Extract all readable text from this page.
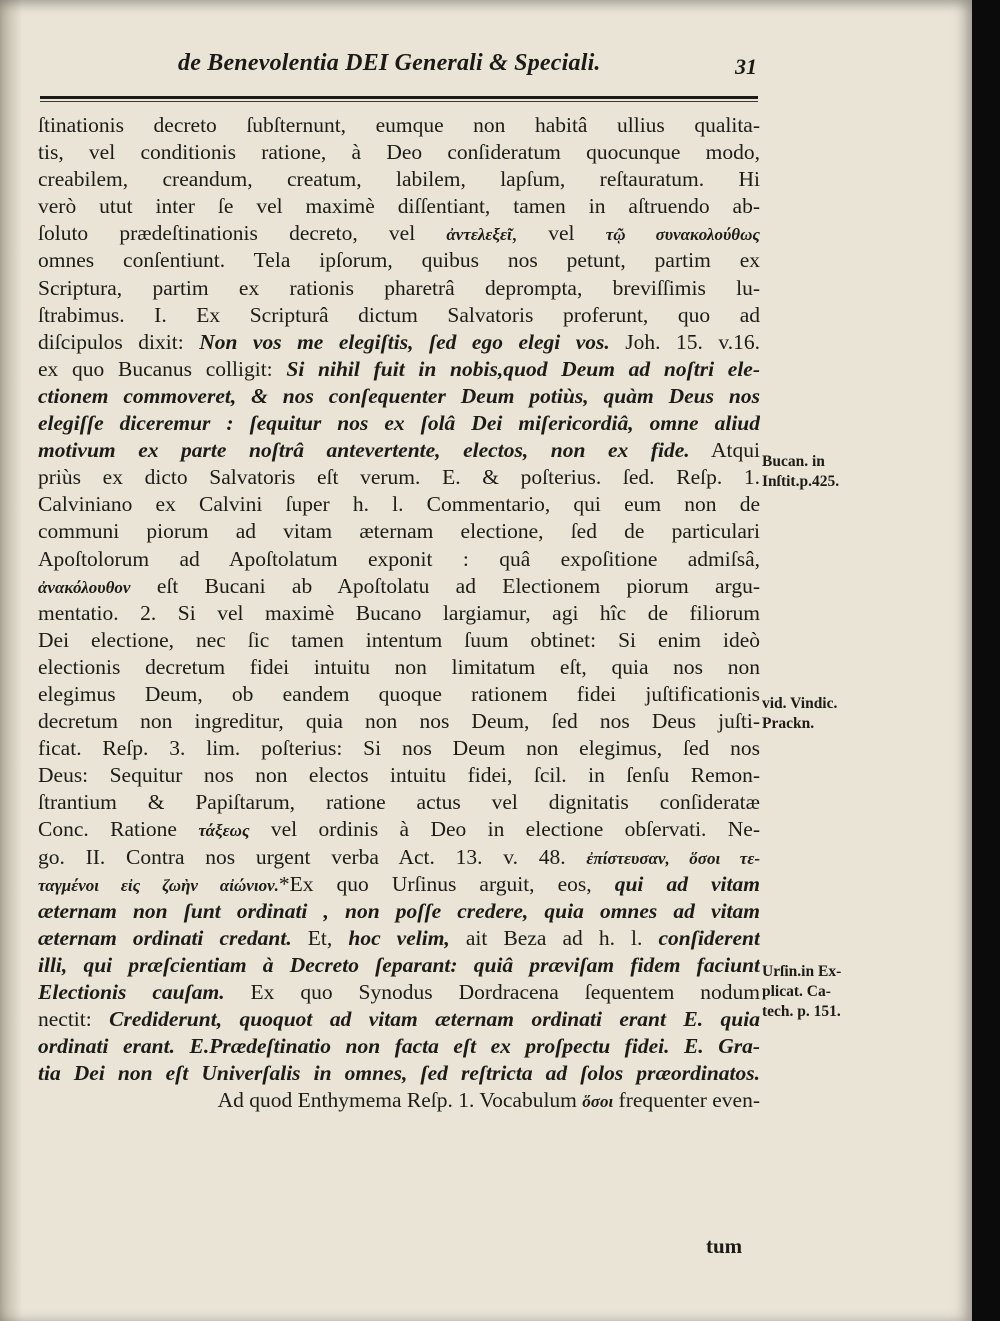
de Benevolentia DEI Generali & Speciali.	31
ſtinationis decreto ſubſternunt, eumque non habitâ ullius qualita-
tis, vel conditionis ratione, à Deo conſideratum quocunque modo,
creabilem, creandum, creatum, labilem, lapſum, reſtauratum. Hi
verò utut inter ſe vel maximè diſſentiant, tamen in aſtruendo ab-
ſoluto prædeſtinationis decreto, vel ἀντελεξεῖ, vel τῷ συνακολούθως
omnes conſentiunt. Tela ipſorum, quibus nos petunt, partim ex
Scriptura, partim ex rationis pharetrâ deprompta, breviſſimis lu-
ſtrabimus. I. Ex Scripturâ dictum Salvatoris proferunt, quo ad
diſcipulos dixit: Non vos me elegiſtis, ſed ego elegi vos. Joh. 15. v.16.
ex quo Bucanus colligit: Si nihil fuit in nobis,quod Deum ad noſtri ele-
ctionem commoveret, & nos conſequenter Deum potiùs, quàm Deus nos
elegiſſe diceremur : ſequitur nos ex ſolâ Dei miſericordiâ, omne aliud
motivum ex parte noſtrâ antevertente, electos, non ex fide. Atqui
priùs ex dicto Salvatoris eſt verum. E. & poſterius. ſed. Reſp. 1.
Calviniano ex Calvini ſuper h. l. Commentario, qui eum non de
communi piorum ad vitam æternam electione, ſed de particulari
Apoſtolorum ad Apoſtolatum exponit : quâ expoſitione admiſsâ,
ἀνακόλουθον eſt Bucani ab Apoſtolatu ad Electionem piorum argu-
mentatio. 2. Si vel maximè Bucano largiamur, agi hîc de filiorum
Dei electione, nec ſic tamen intentum ſuum obtinet: Si enim ideò
electionis decretum fidei intuitu non limitatum eſt, quia nos non
elegimus Deum, ob eandem quoque rationem fidei juſtificationis
decretum non ingreditur, quia non nos Deum, ſed nos Deus juſti-
ficat. Reſp. 3. lim. poſterius: Si nos Deum non elegimus, ſed nos
Deus: Sequitur nos non electos intuitu fidei, ſcil. in ſenſu Remon-
ſtrantium & Papiſtarum, ratione actus vel dignitatis conſideratæ
Conc. Ratione τάξεως vel ordinis à Deo in electione obſervati. Ne-
go. II. Contra nos urgent verba Act. 13. v. 48. ἐπίστευσαν, ὅσοι τε-
ταγμένοι εἰς ζωὴν αἰώνιον.*Ex quo Urſinus arguit, eos, qui ad vitam
æternam non ſunt ordinati , non poſſe credere, quia omnes ad vitam
æternam ordinati credant. Et, hoc velim, ait Beza ad h. l. conſiderent
illi, qui præſcientiam à Decreto ſeparant: quiâ præviſam fidem faciunt
Electionis cauſam. Ex quo Synodus Dordracena ſequentem nodum
nectit: Crediderunt, quoquot ad vitam æternam ordinati erant E. quia
ordinati erant. E.Prædeſtinatio non facta eſt ex proſpectu fidei. E. Gra-
tia Dei non eſt Univerſalis in omnes, ſed reſtricta ad ſolos præordinatos.
Ad quod Enthymema Reſp. 1. Vocabulum ὅσοι frequenter even-
Bucan. in
Inſtit.p.425.
vid. Vindic.
Prackn.
Urſin.in Ex-
plicat. Ca-
tech. p. 151.
tum
